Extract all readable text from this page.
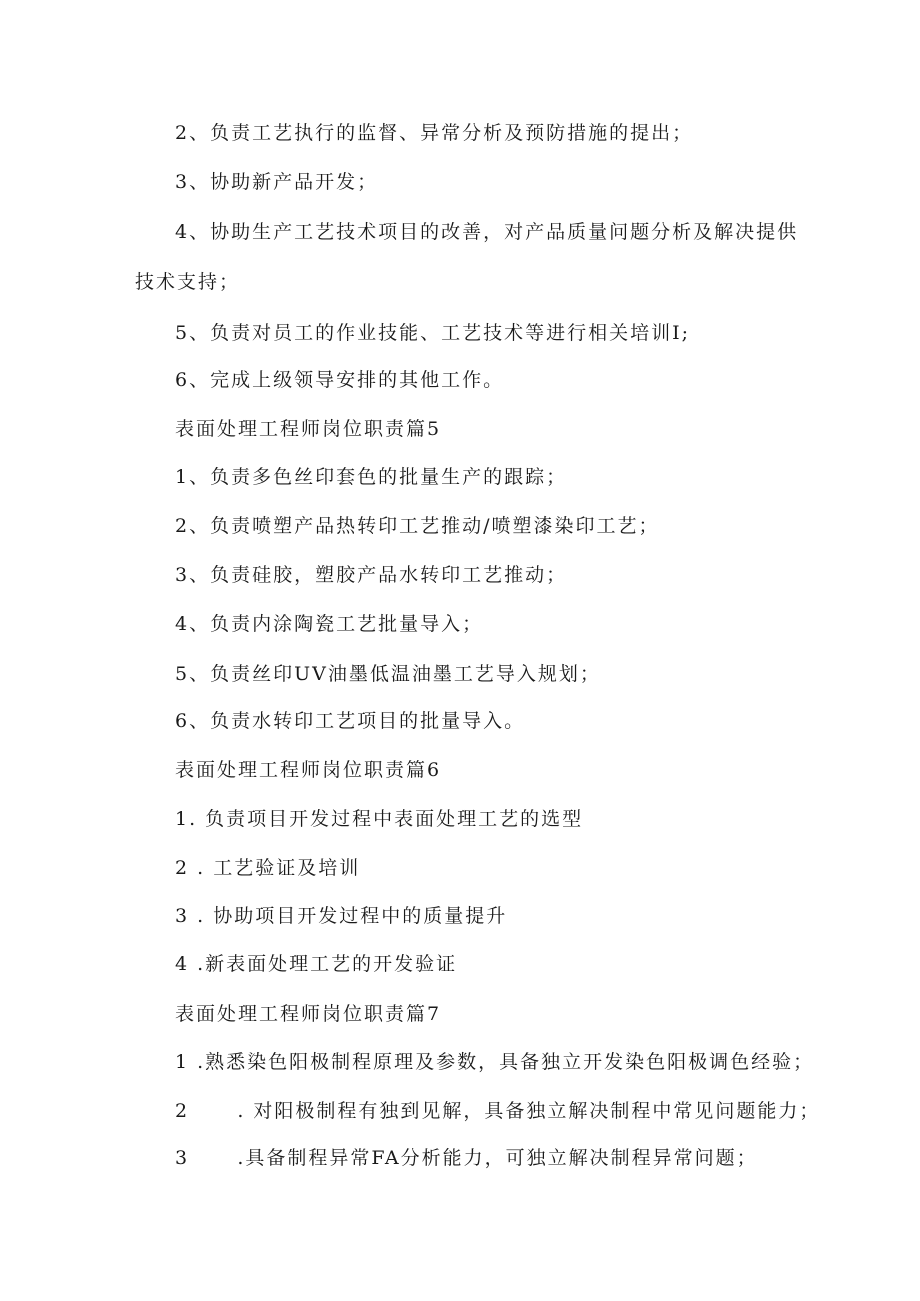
2、负责工艺执行的监督、异常分析及预防措施的提出；
3、协助新产品开发；
4、协助生产工艺技术项目的改善，对产品质量问题分析及解决提供
技术支持；
5、负责对员工的作业技能、工艺技术等进行相关培训I;
6、完成上级领导安排的其他工作。
表面处理工程师岗位职责篇5
1、负责多色丝印套色的批量生产的跟踪；
2、负责喷塑产品热转印工艺推动/喷塑漆染印工艺；
3、负责硅胶，塑胶产品水转印工艺推动；
4、负责内涂陶瓷工艺批量导入；
5、负责丝印UV油墨低温油墨工艺导入规划；
6、负责水转印工艺项目的批量导入。
表面处理工程师岗位职责篇6
1. 负责项目开发过程中表面处理工艺的选型
2 . 工艺验证及培训
3 . 协助项目开发过程中的质量提升
4 .新表面处理工艺的开发验证
表面处理工程师岗位职责篇7
1 .熟悉染色阳极制程原理及参数，具备独立开发染色阳极调色经验；
2      . 对阳极制程有独到见解，具备独立解决制程中常见问题能力；
3      .具备制程异常FA分析能力，可独立解决制程异常问题；
